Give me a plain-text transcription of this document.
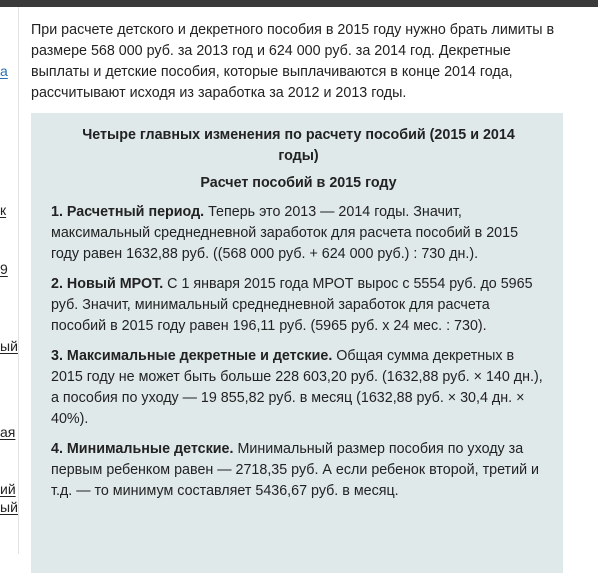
а
к
9
ый
ая
ий
ый

При расчете детского и декретного пособия в 2015 году нужно брать лимиты в размере 568 000 руб. за 2013 год и 624 000 руб. за 2014 год. Декретные выплаты и детские пособия, которые выплачиваются в конце 2014 года, рассчитывают исходя из заработка за 2012 и 2013 годы.

Четыре главных изменения по расчету пособий (2015 и 2014 годы)

Расчет пособий в 2015 году

1. Расчетный период. Теперь это 2013 — 2014 годы. Значит, максимальный среднедневной заработок для расчета пособий в 2015 году равен 1632,88 руб. ((568 000 руб. + 624 000 руб.) : 730 дн.).

2. Новый МРОТ. С 1 января 2015 года МРОТ вырос с 5554 руб. до 5965 руб. Значит, минимальный среднедневной заработок для расчета пособий в 2015 году равен 196,11 руб. (5965 руб. х 24 мес. : 730).

3. Максимальные декретные и детские. Общая сумма декретных в 2015 году не может быть больше 228 603,20 руб. (1632,88 руб. × 140 дн.), а пособия по уходу — 19 855,82 руб. в месяц (1632,88 руб. × 30,4 дн. × 40%).

4. Минимальные детские. Минимальный размер пособия по уходу за первым ребенком равен — 2718,35 руб. А если ребенок второй, третий и т.д. — то минимум составляет 5436,67 руб. в месяц.
